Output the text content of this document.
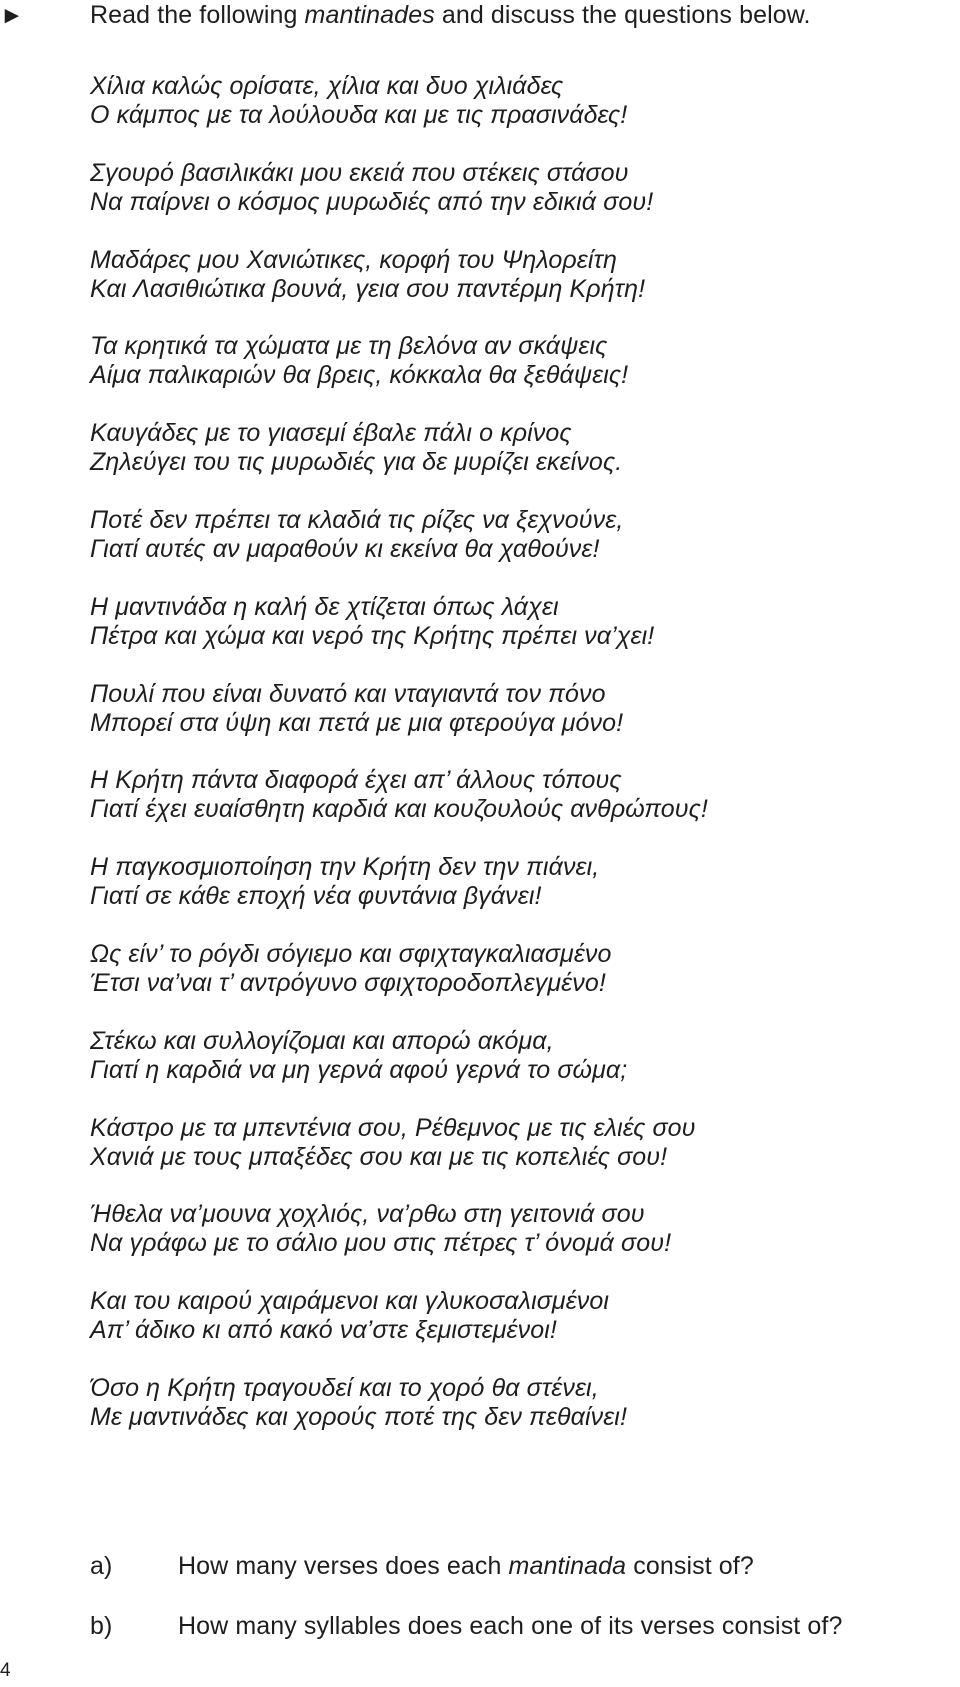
►	Read the following mantinades and discuss the questions below.

Χίλια καλώς ορίσατε, χίλια και δυο χιλιάδες
Ο κάμπος με τα λούλουδα και με τις πρασινάδες!
Σγουρό βασιλικάκι μου εκειά που στέκεις στάσου
Να παίρνει ο κόσμος μυρωδιές από την εδικιά σου!
Μαδάρες μου Χανιώτικες, κορφή του Ψηλορείτη
Και Λασιθιώτικα βουνά, γεια σου παντέρμη Κρήτη!
Τα κρητικά τα χώματα με τη βελόνα αν σκάψεις
Αίμα παλικαριών θα βρεις, κόκκαλα θα ξεθάψεις!
Καυγάδες με το γιασεμί έβαλε πάλι ο κρίνος
Ζηλεύγει του τις μυρωδιές για δε μυρίζει εκείνος.
Ποτέ δεν πρέπει τα κλαδιά τις ρίζες να ξεχνούνε,
Γιατί αυτές αν μαραθούν κι εκείνα θα χαθούνε!
Η μαντινάδα η καλή δε χτίζεται όπως λάχει
Πέτρα και χώμα και νερό της Κρήτης πρέπει να’χει!
Πουλί που είναι δυνατό και νταγιαντά τον πόνο
Μπορεί στα ύψη και πετά με μια φτερούγα μόνο!
Η Κρήτη πάντα διαφορά έχει απ’ άλλους τόπους
Γιατί έχει ευαίσθητη καρδιά και κουζουλούς ανθρώπους!
Η παγκοσμιοποίηση την Κρήτη δεν την πιάνει,
Γιατί σε κάθε εποχή νέα φυντάνια βγάνει!
Ως είν’ το ρόγδι σόγιεμο και σφιχταγκαλιασμένο
Έτσι να’ναι τ’ αντρόγυνο σφιχτοροδοπλεγμένο!
Στέκω και συλλογίζομαι και απορώ ακόμα,
Γιατί η καρδιά να μη γερνά αφού γερνά το σώμα;
Κάστρο με τα μπεντένια σου, Ρέθεμνος με τις ελιές σου
Χανιά με τους μπαξέδες σου και με τις κοπελιές σου!
Ήθελα να’μουνα χοχλιός, να’ρθω στη γειτονιά σου
Να γράφω με το σάλιο μου στις πέτρες τ’ όνομά σου!
Και του καιρού χαιράμενοι και γλυκοσαλισμένοι
Απ’ άδικο κι από κακό να’στε ξεμιστεμένοι!
Όσο η Κρήτη τραγουδεί και το χορό θα στένει,
Με μαντινάδες και χορούς ποτέ της δεν πεθαίνει!
a)	How many verses does each mantinada consist of?
b)	How many syllables does each one of its verses consist of?
4
